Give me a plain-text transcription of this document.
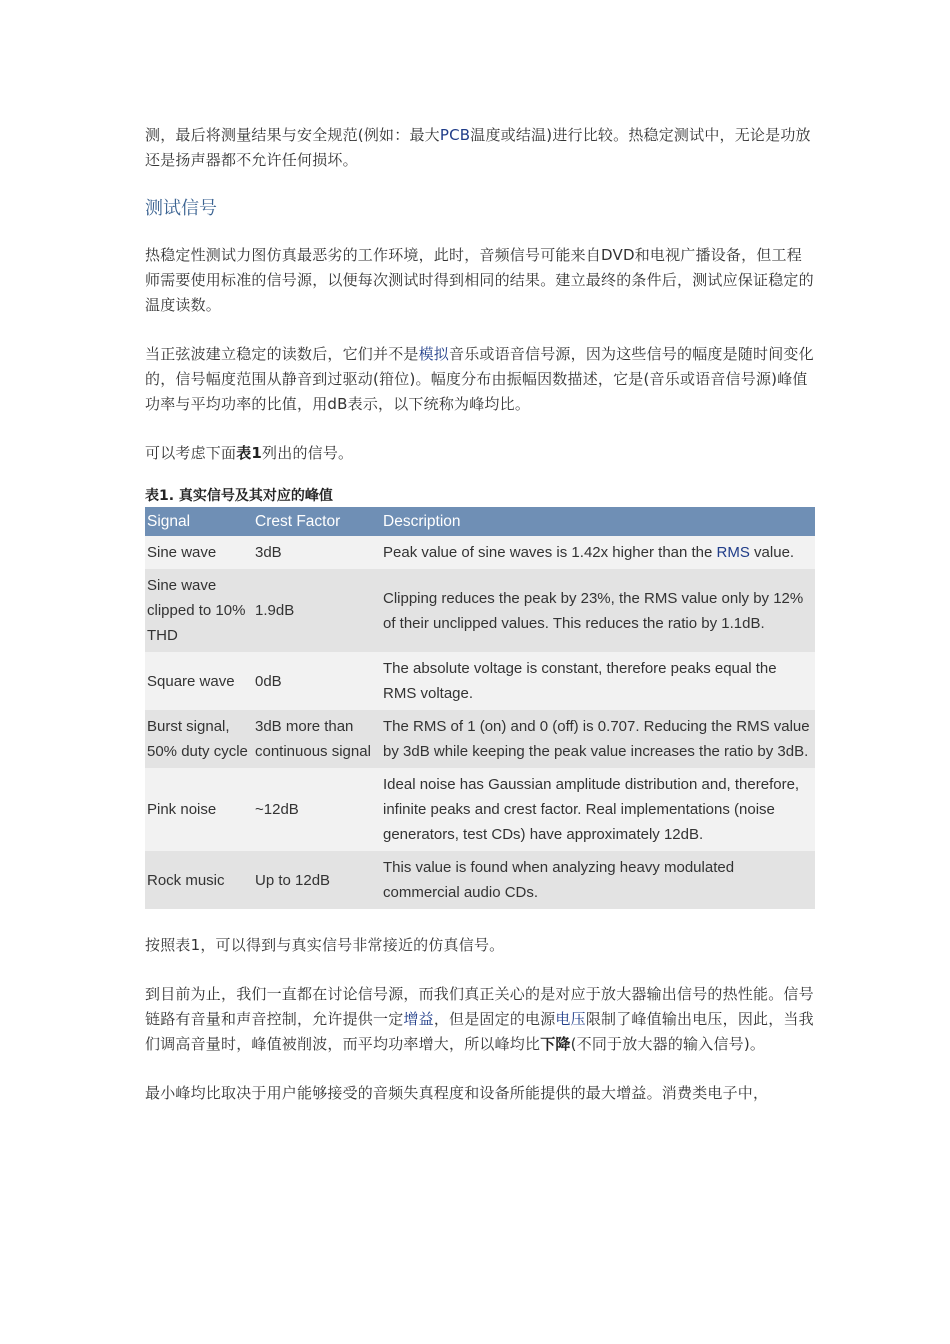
测，最后将测量结果与安全规范(例如：最大PCB温度或结温)进行比较。热稳定测试中，无论是功放还是扬声器都不允许任何损坏。

测试信号

热稳定性测试力图仿真最恶劣的工作环境，此时，音频信号可能来自DVD和电视广播设备，但工程师需要使用标准的信号源，以便每次测试时得到相同的结果。建立最终的条件后，测试应保证稳定的温度读数。

当正弦波建立稳定的读数后，它们并不是模拟音乐或语音信号源，因为这些信号的幅度是随时间变化的，信号幅度范围从静音到过驱动(箝位)。幅度分布由振幅因数描述，它是(音乐或语音信号源)峰值功率与平均功率的比值，用dB表示，以下统称为峰均比。

可以考虑下面表1列出的信号。

表1. 真实信号及其对应的峰值
Signal	Crest Factor	Description
Sine wave	3dB	Peak value of sine waves is 1.42x higher than the RMS value.
Sine wave clipped to 10% THD	1.9dB	Clipping reduces the peak by 23%, the RMS value only by 12% of their unclipped values. This reduces the ratio by 1.1dB.
Square wave	0dB	The absolute voltage is constant, therefore peaks equal the RMS voltage.
Burst signal, 50% duty cycle	3dB more than continuous signal	The RMS of 1 (on) and 0 (off) is 0.707. Reducing the RMS value by 3dB while keeping the peak value increases the ratio by 3dB.
Pink noise	~12dB	Ideal noise has Gaussian amplitude distribution and, therefore, infinite peaks and crest factor. Real implementations (noise generators, test CDs) have approximately 12dB.
Rock music	Up to 12dB	This value is found when analyzing heavy modulated commercial audio CDs.

按照表1，可以得到与真实信号非常接近的仿真信号。

到目前为止，我们一直都在讨论信号源，而我们真正关心的是对应于放大器输出信号的热性能。信号链路有音量和声音控制，允许提供一定增益，但是固定的电源电压限制了峰值输出电压，因此，当我们调高音量时，峰值被削波，而平均功率增大，所以峰均比下降(不同于放大器的输入信号)。

最小峰均比取决于用户能够接受的音频失真程度和设备所能提供的最大增益。消费类电子中，
